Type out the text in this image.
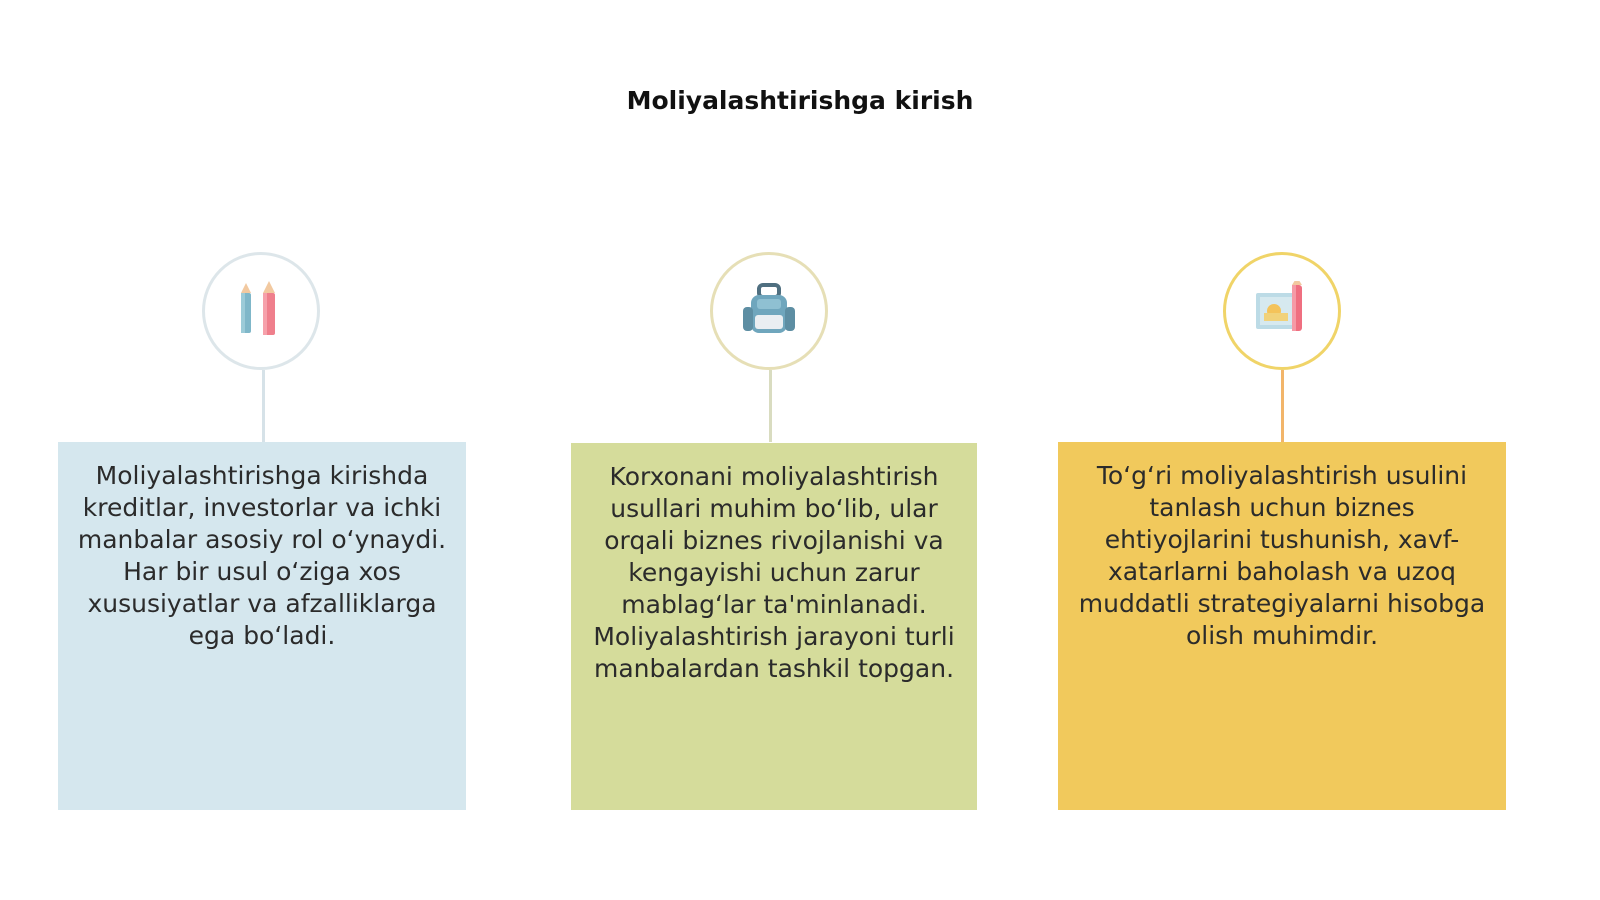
Moliyalashtirishga kirish
Moliyalashtirishga kirishda kreditlar, investorlar va ichki manbalar asosiy rol oʻynaydi. Har bir usul oʻziga xos xususiyatlar va afzalliklarga ega boʻladi.
Korxonani moliyalashtirish usullari muhim boʻlib, ular orqali biznes rivojlanishi va kengayishi uchun zarur mablagʻlar ta'minlanadi. Moliyalashtirish jarayoni turli manbalardan tashkil topgan.
Toʻgʻri moliyalashtirish usulini tanlash uchun biznes ehtiyojlarini tushunish, xavf-xatarlarni baholash va uzoq muddatli strategiyalarni hisobga olish muhimdir.
